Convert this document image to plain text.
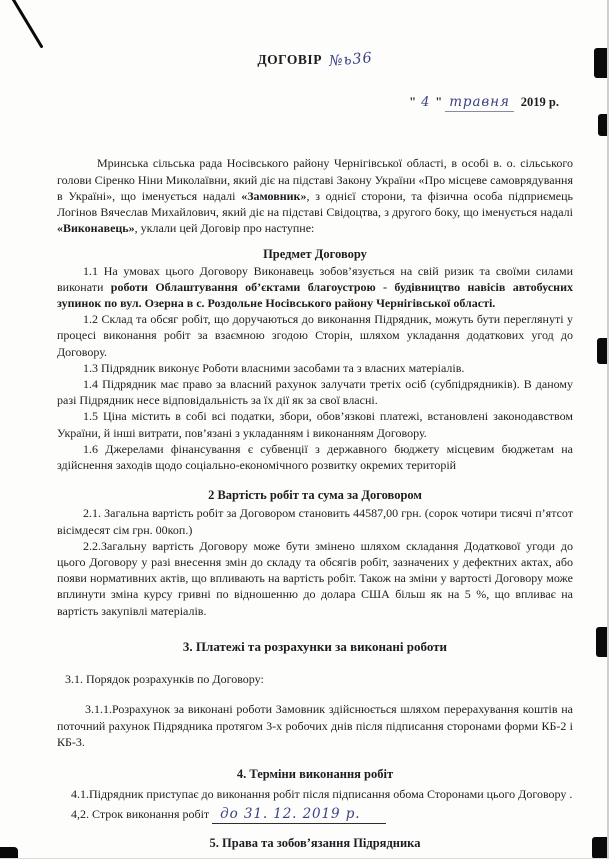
ДОГОВІР №ь36
" 4 " травня 2019 р.

Мринська сільська рада Носівського району Чернігівської області, в особі в. о. сільського голови Сіренко Ніни Миколаївни, який діє на підставі Закону України «Про місцеве самоврядування в Україні», що іменується надалі «Замовник», з однієї сторони, та фізична особа підприємець Логінов Вячеслав Михайлович, який діє на підставі Свідоцтва, з другого боку, що іменується надалі «Виконавець», уклали цей Договір про наступне:

Предмет Договору

1.1 На умовах цього Договору Виконавець зобов’язується на свій ризик та своїми силами виконати роботи Облаштування об’єктами благоустрою - будівництво навісів автобусних зупинок по вул. Озерна в с. Роздольне Носівського району Чернігівської області.

1.2 Склад та обсяг робіт, що доручаються до виконання Підрядник, можуть бути переглянуті у процесі виконання робіт за взаємною згодою Сторін, шляхом укладання додаткових угод до Договору.

1.3 Підрядник виконує Роботи власними засобами та з власних матеріалів.

1.4 Підрядник має право за власний рахунок залучати третіх осіб (субпідрядників). В даному разі Підрядник несе відповідальність за їх дії як за свої власні.

1.5 Ціна містить в собі всі податки, збори, обов’язкові платежі, встановлені законодавством України, й інші витрати, пов’язані з укладанням і виконанням Договору.

1.6 Джерелами фінансування є субвенції з державного бюджету місцевим бюджетам на здійснення заходів щодо соціально-економічного розвитку окремих територій

2 Вартість робіт та сума за Договором

2.1. Загальна вартість робіт за Договором становить 44587,00 грн. (сорок чотири тисячі п’ятсот вісімдесят сім грн. 00коп.)

2.2.Загальну вартість Договору може бути змінено шляхом складання Додаткової угоди до цього Договору у разі внесення змін до складу та обсягів робіт, зазначених у дефектних актах, або появи нормативних актів, що впливають на вартість робіт. Також на зміни у вартості Договору може вплинути зміна курсу гривні по відношенню до долара США більш як на 5 %, що впливає на вартість закупівлі матеріалів.

3. Платежі та розрахунки за виконані роботи

3.1. Порядок розрахунків по Договору:

3.1.1.Розрахунок за виконані роботи Замовник здійснюється шляхом перерахування коштів на поточний рахунок Підрядника протягом 3-х робочих днів після підписання сторонами форми КБ-2 і КБ-3.

4. Терміни виконання робіт

4.1.Підрядник приступає до виконання робіт після підписання обома Сторонами цього Договору .

4,2. Строк виконання робіт до 31. 12. 2019 р.

5. Права та зобов’язання Підрядника
